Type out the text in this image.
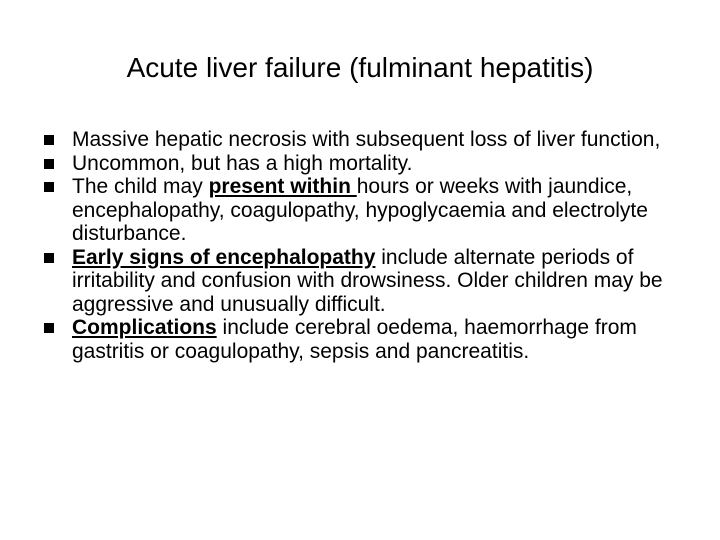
Acute liver failure (fulminant hepatitis)
Massive hepatic necrosis with subsequent loss of liver function,
Uncommon, but has a high mortality.
The child may present within hours or weeks with jaundice, encephalopathy, coagulopathy, hypoglycaemia and electrolyte disturbance.
Early signs of encephalopathy include alternate periods of irritability and confusion with drowsiness. Older children may be aggressive and unusually difficult.
Complications include cerebral oedema, haemorrhage from gastritis or coagulopathy, sepsis and pancreatitis.
